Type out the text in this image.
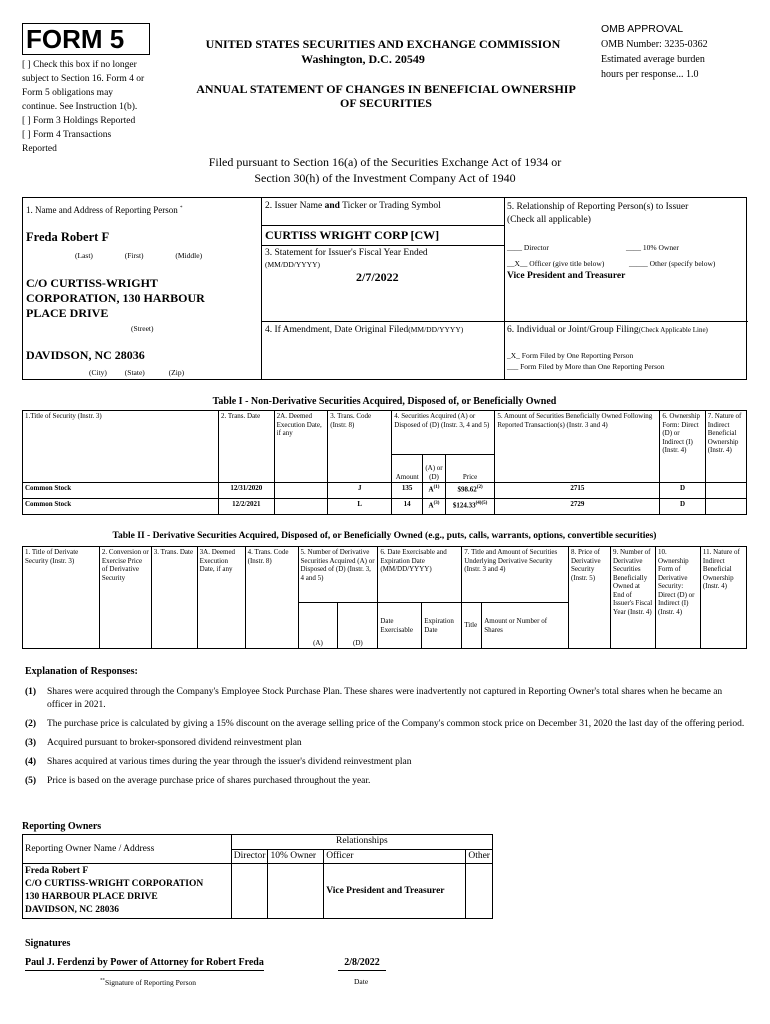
FORM 5
[ ] Check this box if no longer
subject to Section 16. Form 4 or
Form 5 obligations may
continue. See Instruction 1(b).
[ ] Form 3 Holdings Reported
[ ] Form 4 Transactions
Reported
UNITED STATES SECURITIES AND EXCHANGE COMMISSION
Washington, D.C. 20549
ANNUAL STATEMENT OF CHANGES IN BENEFICIAL OWNERSHIP
OF SECURITIES
OMB APPROVAL
OMB Number: 3235-0362
Estimated average burden
hours per response... 1.0
Filed pursuant to Section 16(a) of the Securities Exchange Act of 1934 or
Section 30(h) of the Investment Company Act of 1940
1. Name and Address of Reporting Person *
Freda Robert F
(Last)	(First)	(Middle)
C/O CURTISS-WRIGHT
CORPORATION, 130 HARBOUR
PLACE DRIVE
(Street)
DAVIDSON, NC 28036
(City) (State)	(Zip)
2. Issuer Name and Ticker or Trading Symbol
CURTISS WRIGHT CORP [CW]
3. Statement for Issuer's Fiscal Year Ended
(MM/DD/YYYY)
2/7/2022
4. If Amendment, Date Original Filed(MM/DD/YYYY)
5. Relationship of Reporting Person(s) to Issuer
(Check all applicable)
____ Director	____ 10% Owner
__X__ Officer (give title below)	_____ Other (specify below)
Vice President and Treasurer
6. Individual or Joint/Group Filing(Check Applicable Line)
_X_ Form Filed by One Reporting Person
___ Form Filed by More than One Reporting Person
Table I - Non-Derivative Securities Acquired, Disposed of, or Beneficially Owned
1.Title of Security (Instr. 3)	2. Trans. Date	2A. Deemed Execution Date, if any	3. Trans. Code (Instr. 8)	4. Securities Acquired (A) or Disposed of (D) (Instr. 3, 4 and 5)			5. Amount of Securities Beneficially Owned Following Reported Transaction(s) (Instr. 3 and 4)	6. Ownership Form: Direct (D) or Indirect (I) (Instr. 4)	7. Nature of Indirect Beneficial Ownership (Instr. 4)
				Amount	(A) or (D)	Price			
Common Stock	12/31/2020		J	135	$A^{(1)}$	$98.62$^{(2)}$	2715	D	
Common Stock	12/2/2021		L	14	$A^{(3)}$	$\$124.33^{(4)(5)}$	2729	D	
Table II - Derivative Securities Acquired, Disposed of, or Beneficially Owned (e.g., puts, calls, warrants, options, convertible securities)
1. Title of Derivate Security (Instr. 3)	2. Conversion or Exercise Price of Derivative Security	3. Trans. Date	3A. Deemed Execution Date, if any	4. Trans. Code (Instr. 8)	5. Number of Derivative Securities Acquired (A) or Disposed of (D) (Instr. 3, 4 and 5)		6. Date Exercisable and Expiration Date (MM/DD/YYYY)		7. Title and Amount of Securities Underlying Derivative Security (Instr. 3 and 4)		8. Price of Derivative Security (Instr. 5)	9. Number of Derivative Securities Beneficially Owned at End of Issuer's Fiscal Year (Instr. 4)	10. Ownership Form of Derivative Security: Direct (D) or Indirect (I) (Instr. 4)	11. Nature of Indirect Beneficial Ownership (Instr. 4)
					(A)	(D)	Date Exercisable	Expiration Date	Title	Amount or Number of Shares				
Explanation of Responses:
(1)	Shares were acquired through the Company's Employee Stock Purchase Plan. These shares were inadvertently not captured in Reporting Owner's total shares when he became an officer in 2021.
(2)	The purchase price is calculated by giving a 15% discount on the average selling price of the Company's common stock price on December 31, 2020 the last day of the offering period.
(3)	Acquired pursuant to broker-sponsored dividend reinvestment plan
(4)	Shares acquired at various times during the year through the issuer's dividend reinvestment plan
(5)	Price is based on the average purchase price of shares purchased throughout the year.
Reporting Owners
Reporting Owner Name / Address	Relationships			
	Director	10% Owner	Officer	Other

Freda Robert F
C/O CURTISS-WRIGHT CORPORATION
130 HARBOUR PLACE DRIVE
DAVIDSON, NC 28036			Vice President and Treasurer	
Signatures
Paul J. Ferdenzi by Power of Attorney for Robert Freda	2/8/2022
**Signature of Reporting Person	Date
